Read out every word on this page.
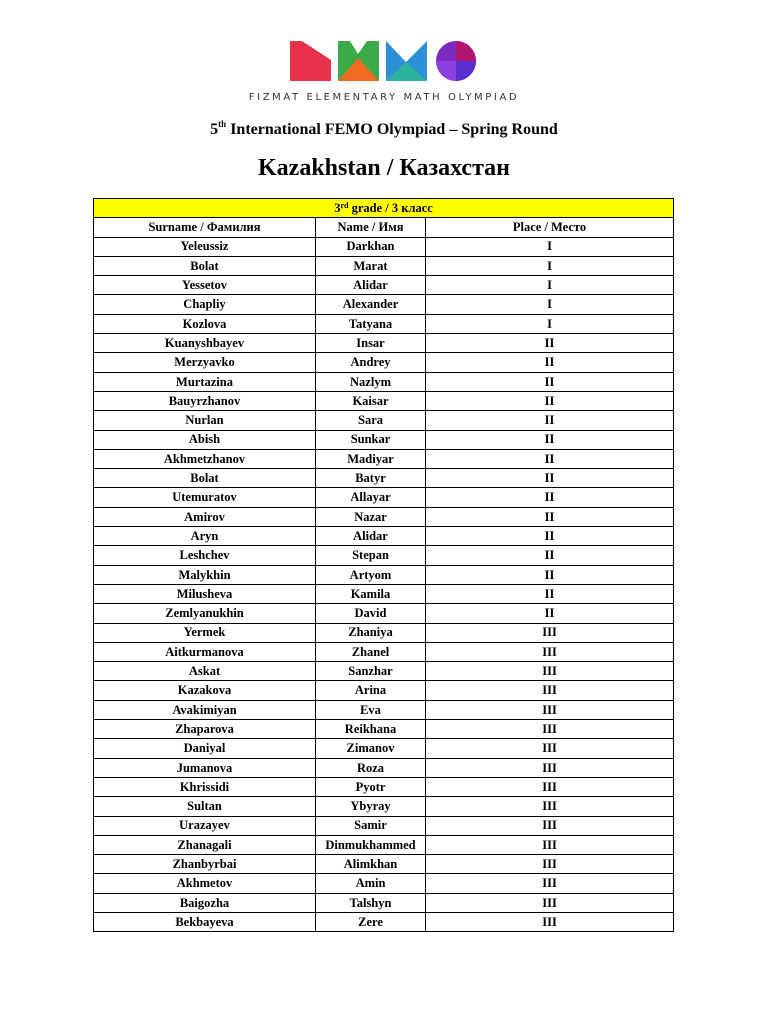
FIZMAT ELEMENTARY MATH OLYMPIAD
5th International FEMO Olympiad – Spring Round
Kazakhstan / Казахстан
3rd grade / 3 класс		
Surname / Фамилия	Name / Имя	Place / Место
Yeleussiz	Darkhan	I
Bolat	Marat	I
Yessetov	Alidar	I
Chapliy	Alexander	I
Kozlova	Tatyana	I
Kuanyshbayev	Insar	II
Merzyavko	Andrey	II
Murtazina	Nazlym	II
Bauyrzhanov	Kaisar	II
Nurlan	Sara	II
Abish	Sunkar	II
Akhmetzhanov	Madiyar	II
Bolat	Batyr	II
Utemuratov	Allayar	II
Amirov	Nazar	II
Aryn	Alidar	II
Leshchev	Stepan	II
Malykhin	Artyom	II
Milusheva	Kamila	II
Zemlyanukhin	David	II
Yermek	Zhaniya	III
Aitkurmanova	Zhanel	III
Askat	Sanzhar	III
Kazakova	Arina	III
Avakimiyan	Eva	III
Zhaparova	Reikhana	III
Daniyal	Zimanov	III
Jumanova	Roza	III
Khrissidi	Pyotr	III
Sultan	Ybyray	III
Urazayev	Samir	III
Zhanagali	Dinmukhammed	III
Zhanbyrbai	Alimkhan	III
Akhmetov	Amin	III
Baigozha	Talshyn	III
Bekbayeva	Zere	III
